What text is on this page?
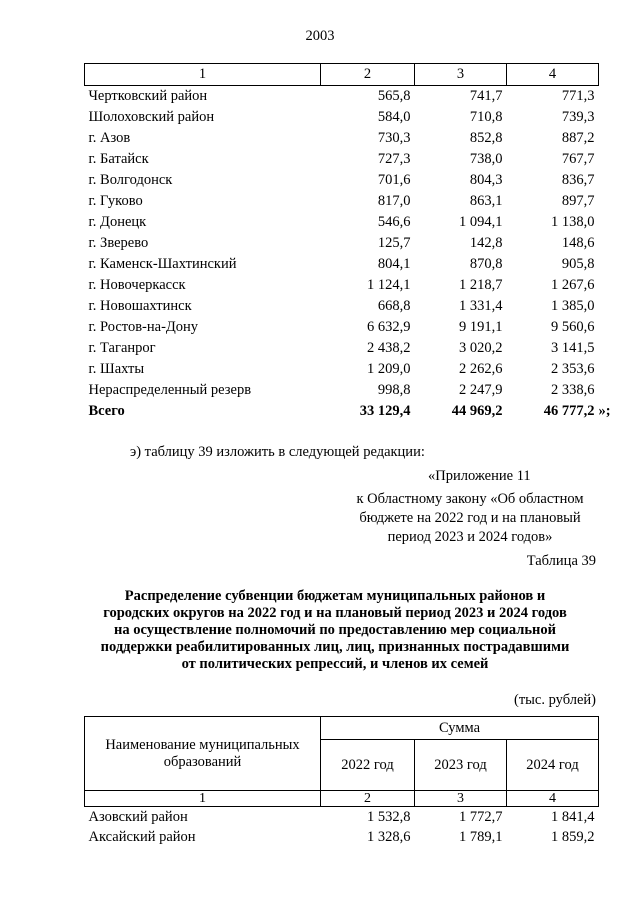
2003
1	2	3	4
Чертковский район	565,8	741,7	771,3
Шолоховский район	584,0	710,8	739,3
г. Азов	730,3	852,8	887,2
г. Батайск	727,3	738,0	767,7
г. Волгодонск	701,6	804,3	836,7
г. Гуково	817,0	863,1	897,7
г. Донецк	546,6	1 094,1	1 138,0
г. Зверево	125,7	142,8	148,6
г. Каменск-Шахтинский	804,1	870,8	905,8
г. Новочеркасск	1 124,1	1 218,7	1 267,6
г. Новошахтинск	668,8	1 331,4	1 385,0
г. Ростов-на-Дону	6 632,9	9 191,1	9 560,6
г. Таганрог	2 438,2	3 020,2	3 141,5
г. Шахты	1 209,0	2 262,6	2 353,6
Нераспределенный резерв	998,8	2 247,9	2 338,6
Всего	33 129,4	44 969,2	46 777,2 »;
э) таблицу 39 изложить в следующей редакции:
«Приложение 11
к Областному закону «Об областном
бюджете на 2022 год и на плановый
период 2023 и 2024 годов»
Таблица 39
Распределение субвенции бюджетам муниципальных районов и
городских округов на 2022 год и на плановый период 2023 и 2024 годов
на осуществление полномочий по предоставлению мер социальной
поддержки реабилитированных лиц, лиц, признанных пострадавшими
от политических репрессий, и членов их семей
(тыс. рублей)
Наименование муниципальных
образований	Сумма		
	2022 год	2023 год	2024 год
1	2	3	4
Азовский район	1 532,8	1 772,7	1 841,4
Аксайский район	1 328,6	1 789,1	1 859,2
